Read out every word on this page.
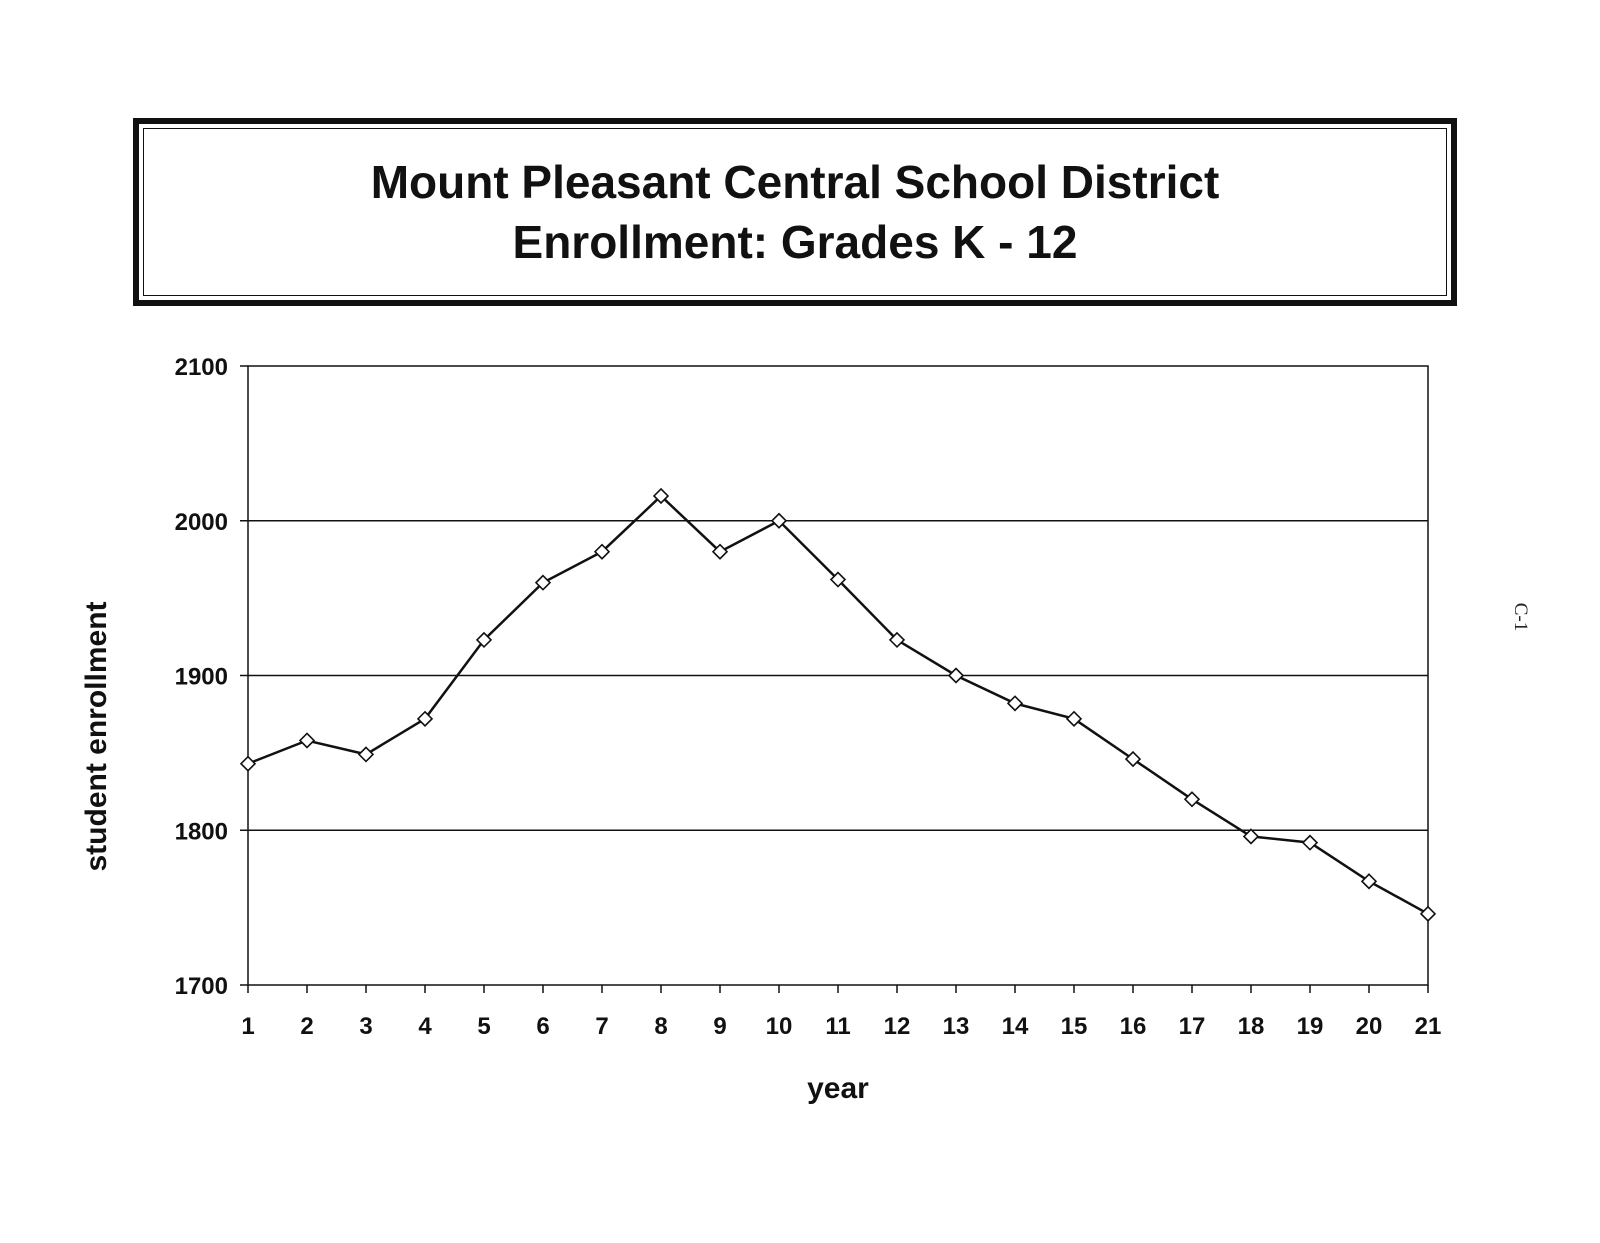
Mount Pleasant Central School District
Enrollment: Grades K - 12
C-1
1700
1800
1900
2000
2100
1 2 3 4 5 6 7 8 9 10 11 12 13 14 15 16 17 18 19 20 21
year
student enrollment
